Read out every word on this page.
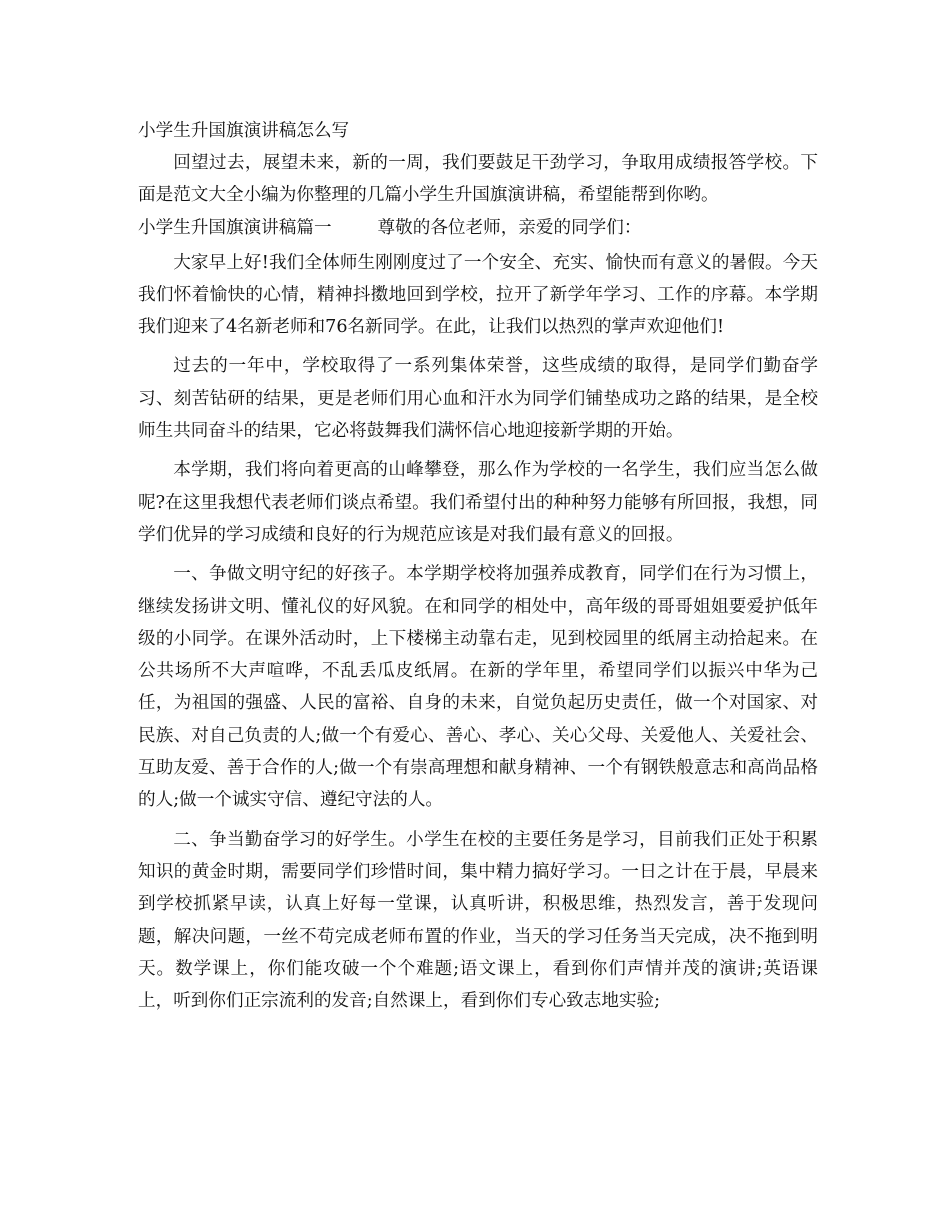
小学生升国旗演讲稿怎么写

回望过去，展望未来，新的一周，我们要鼓足干劲学习，争取用成绩报答学校。下面是范文大全小编为你整理的几篇小学生升国旗演讲稿，希望能帮到你哟。

小学生升国旗演讲稿篇一	尊敬的各位老师，亲爱的同学们：

大家早上好!我们全体师生刚刚度过了一个安全、充实、愉快而有意义的暑假。今天我们怀着愉快的心情，精神抖擞地回到学校，拉开了新学年学习、工作的序幕。本学期我们迎来了4名新老师和76名新同学。在此，让我们以热烈的掌声欢迎他们!

过去的一年中，学校取得了一系列集体荣誉，这些成绩的取得，是同学们勤奋学习、刻苦钻研的结果，更是老师们用心血和汗水为同学们铺垫成功之路的结果，是全校师生共同奋斗的结果，它必将鼓舞我们满怀信心地迎接新学期的开始。

本学期，我们将向着更高的山峰攀登，那么作为学校的一名学生，我们应当怎么做呢?在这里我想代表老师们谈点希望。我们希望付出的种种努力能够有所回报，我想，同学们优异的学习成绩和良好的行为规范应该是对我们最有意义的回报。

一、争做文明守纪的好孩子。本学期学校将加强养成教育，同学们在行为习惯上，继续发扬讲文明、懂礼仪的好风貌。在和同学的相处中，高年级的哥哥姐姐要爱护低年级的小同学。在课外活动时，上下楼梯主动靠右走，见到校园里的纸屑主动拾起来。在公共场所不大声喧哗，不乱丢瓜皮纸屑。在新的学年里，希望同学们以振兴中华为己任，为祖国的强盛、人民的富裕、自身的未来，自觉负起历史责任，做一个对国家、对民族、对自己负责的人;做一个有爱心、善心、孝心、关心父母、关爱他人、关爱社会、互助友爱、善于合作的人;做一个有崇高理想和献身精神、一个有钢铁般意志和高尚品格的人;做一个诚实守信、遵纪守法的人。

二、争当勤奋学习的好学生。小学生在校的主要任务是学习，目前我们正处于积累知识的黄金时期，需要同学们珍惜时间，集中精力搞好学习。一日之计在于晨，早晨来到学校抓紧早读，认真上好每一堂课，认真听讲，积极思维，热烈发言，善于发现问题，解决问题，一丝不苟完成老师布置的作业，当天的学习任务当天完成，决不拖到明天。数学课上，你们能攻破一个个难题;语文课上，看到你们声情并茂的演讲;英语课上，听到你们正宗流利的发音;自然课上，看到你们专心致志地实验;
